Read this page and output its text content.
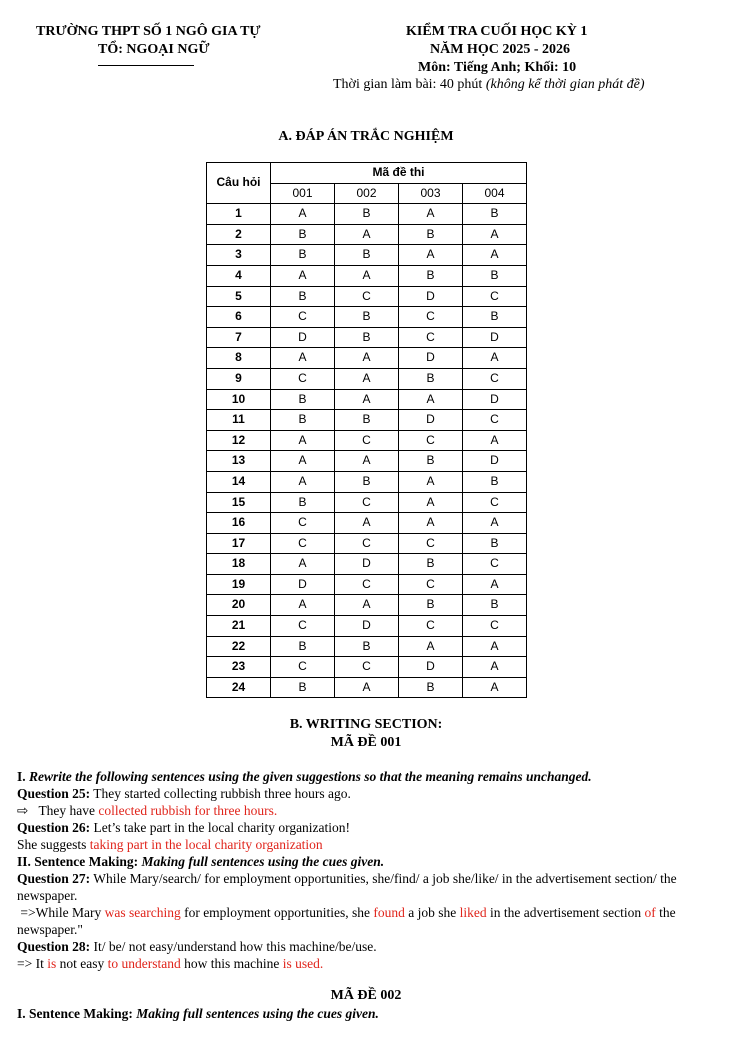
TRƯỜNG THPT SỐ 1 NGÔ GIA TỰ
TỔ: NGOẠI NGỮ
KIỂM TRA CUỐI HỌC KỲ 1
NĂM HỌC 2025 - 2026
Môn: Tiếng Anh; Khối: 10
Thời gian làm bài: 40 phút (không kể thời gian phát đề)
A. ĐÁP ÁN TRẮC NGHIỆM
Câu hỏi	Mã đề thi			
	001	002	003	004
1	A	B	A	B
2	B	A	B	A
3	B	B	A	A
4	A	A	B	B
5	B	C	D	C
6	C	B	C	B
7	D	B	C	D
8	A	A	D	A
9	C	A	B	C
10	B	A	A	D
11	B	B	D	C
12	A	C	C	A
13	A	A	B	D
14	A	B	A	B
15	B	C	A	C
16	C	A	A	A
17	C	C	C	B
18	A	D	B	C
19	D	C	C	A
20	A	A	B	B
21	C	D	C	C
22	B	B	A	A
23	C	C	D	A
24	B	A	B	A
B. WRITING SECTION:
MÃ ĐỀ 001
I. Rewrite the following sentences using the given suggestions so that the meaning remains unchanged.
Question 25: They started collecting rubbish three hours ago.
⇨ They have collected rubbish for three hours.
Question 26: Let’s take part in the local charity organization!
She suggests taking part in the local charity organization
II. Sentence Making: Making full sentences using the cues given.
Question 27: While Mary/search/ for employment opportunities, she/find/ a job she/like/ in the advertisement section/ the newspaper.
=>While Mary was searching for employment opportunities, she found a job she liked in the advertisement section of the newspaper."
Question 28: It/ be/ not easy/understand how this machine/be/use.
=> It is not easy to understand how this machine is used.
MÃ ĐỀ 002
I. Sentence Making: Making full sentences using the cues given.
